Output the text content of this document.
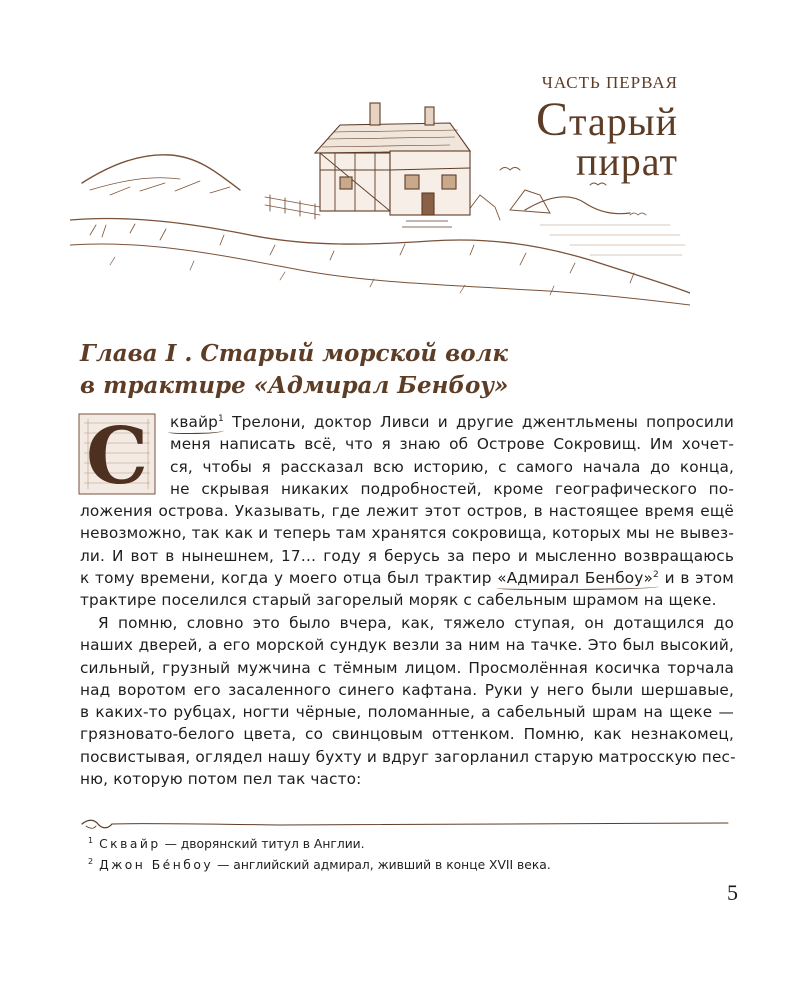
ЧАСТЬ ПЕРВАЯ
Старый
пират
Глава I . Старый морской волк
в трактире «Адмирал Бенбоу»
С	квайр$^1$ Трелони, доктор Ливси и другие джентльмены попросили
меня написать всё, что я знаю об Острове Сокровищ. Им хочет-
ся, чтобы я рассказал всю историю, с самого начала до конца,
не скрывая никаких подробностей, кроме географического по-
ложения острова. Указывать, где лежит этот остров, в настоящее время ещё
невозможно, так как и теперь там хранятся сокровища, которых мы не вывез-
ли. И вот в нынешнем, 17… году я берусь за перо и мысленно возвращаюсь
к тому времени, когда у моего отца был трактир «Адмирал Бенбоу»$^2$ и в этом
трактире поселился старый загорелый моряк с сабельным шрамом на щеке.
Я помню, словно это было вчера, как, тяжело ступая, он дотащился до
наших дверей, а его морской сундук везли за ним на тачке. Это был высокий,
сильный, грузный мужчина с тёмным лицом. Просмолённая косичка торчала
над воротом его засаленного синего кафтана. Руки у него были шершавые,
в каких-то рубцах, ногти чёрные, поломанные, а сабельный шрам на щеке —
грязновато-белого цвета, со свинцовым оттенком. Помню, как незнакомец,
посвистывая, оглядел нашу бухту и вдруг загорланил старую матросскую пес-
ню, которую потом пел так часто:
$^1$ Сквайр — дворянский титул в Англии.
$^2$ Джон Бе́нбоу — английский адмирал, живший в конце XVII века.
5
